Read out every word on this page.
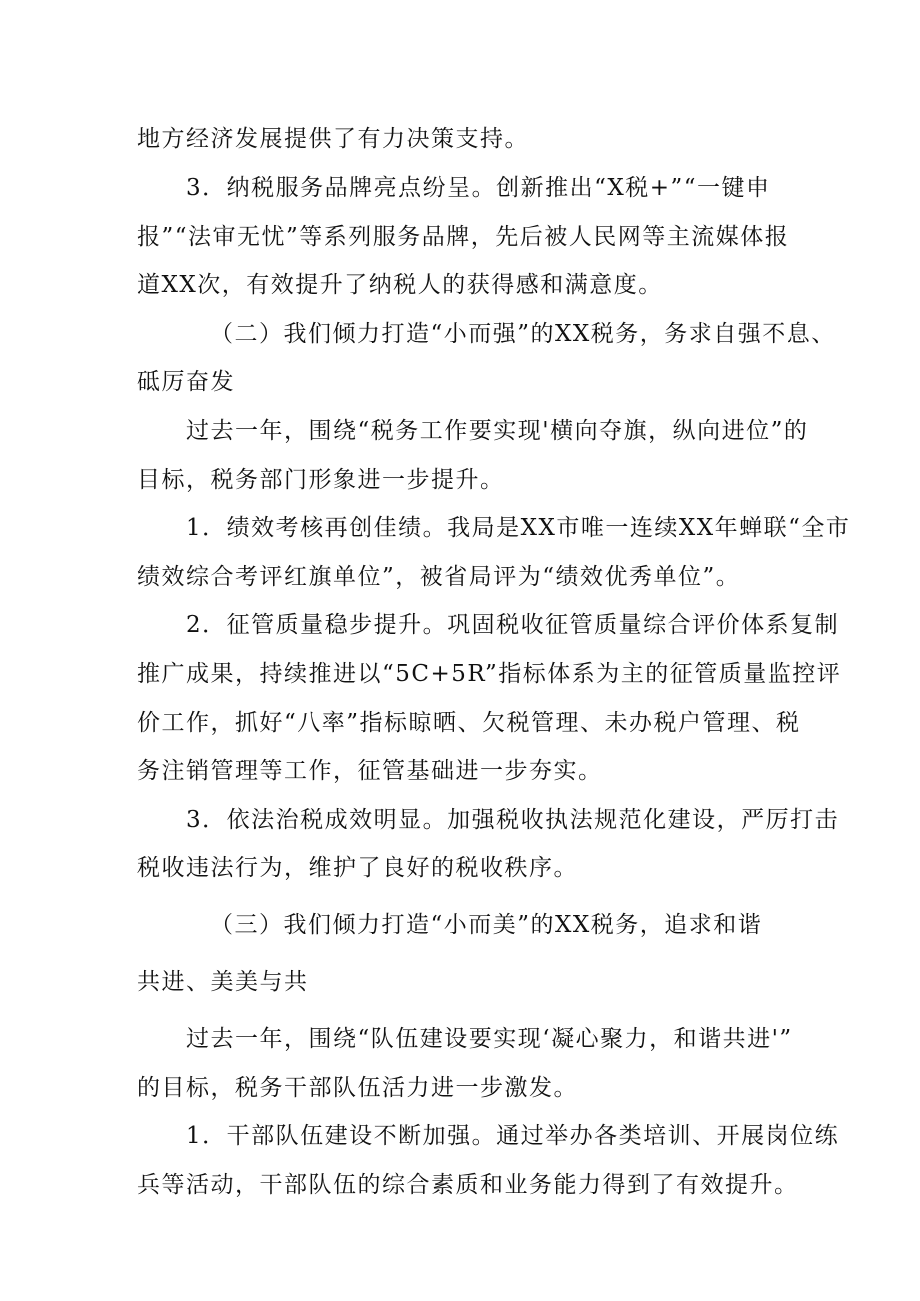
地方经济发展提供了有力决策支持。
3．纳税服务品牌亮点纷呈。创新推出“X税+”“一键申
报”“法审无忧”等系列服务品牌，先后被人民网等主流媒体报
道XX次，有效提升了纳税人的获得感和满意度。
（二）我们倾力打造“小而强”的XX税务，务求自强不息、
砥厉奋发
过去一年，围绕“税务工作要实现'横向夺旗，纵向进位”的
目标，税务部门形象进一步提升。
1．绩效考核再创佳绩。我局是XX市唯一连续XX年蝉联“全市
绩效综合考评红旗单位”，被省局评为“绩效优秀单位”。
2．征管质量稳步提升。巩固税收征管质量综合评价体系复制
推广成果，持续推进以“5C+5R”指标体系为主的征管质量监控评
价工作，抓好“八率”指标晾晒、欠税管理、未办税户管理、税
务注销管理等工作，征管基础进一步夯实。
3．依法治税成效明显。加强税收执法规范化建设，严厉打击
税收违法行为，维护了良好的税收秩序。
（三）我们倾力打造“小而美”的XX税务，追求和谐
共进、美美与共
过去一年，围绕“队伍建设要实现‘凝心聚力，和谐共进'”
的目标，税务干部队伍活力进一步激发。
1．干部队伍建设不断加强。通过举办各类培训、开展岗位练
兵等活动，干部队伍的综合素质和业务能力得到了有效提升。
